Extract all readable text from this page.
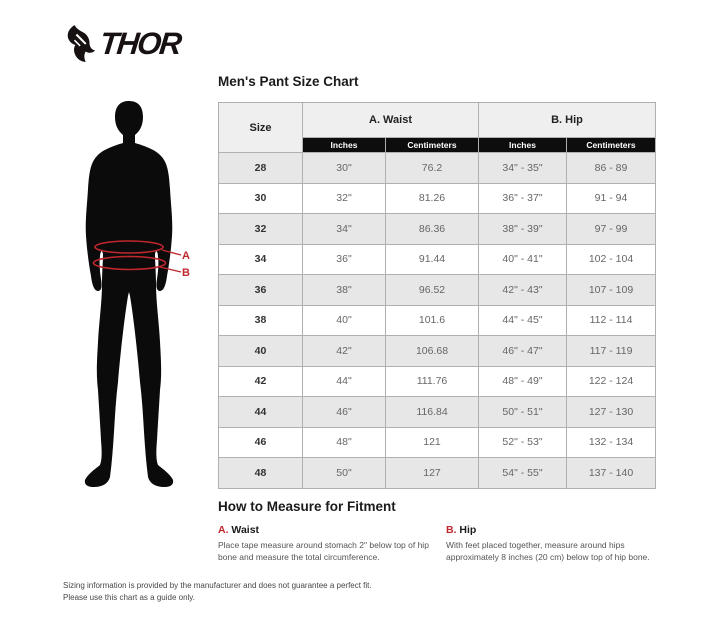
THOR
A
B
Men's Pant Size Chart
Size	A. Waist		B. Hip	
	Inches	Centimeters	Inches	Centimeters
28	30"	76.2	34" - 35"	86 - 89
30	32"	81.26	36" - 37"	91 - 94
32	34"	86.36	38" - 39"	97 - 99
34	36"	91.44	40" - 41"	102 - 104
36	38"	96.52	42" - 43"	107 - 109
38	40"	101.6	44" - 45"	112 - 114
40	42"	106.68	46" - 47"	117 - 119
42	44"	111.76	48" - 49"	122 - 124
44	46"	116.84	50" - 51"	127 - 130
46	48"	121	52" - 53"	132 - 134
48	50"	127	54" - 55"	137 - 140
How to Measure for Fitment
A. Waist
Place tape measure around stomach 2" below top of hip bone and measure the total circumference.
B. Hip
With feet placed together, measure around hips approximately 8 inches (20 cm) below top of hip bone.
Sizing information is provided by the manufacturer and does not guarantee a perfect fit.
Please use this chart as a guide only.
